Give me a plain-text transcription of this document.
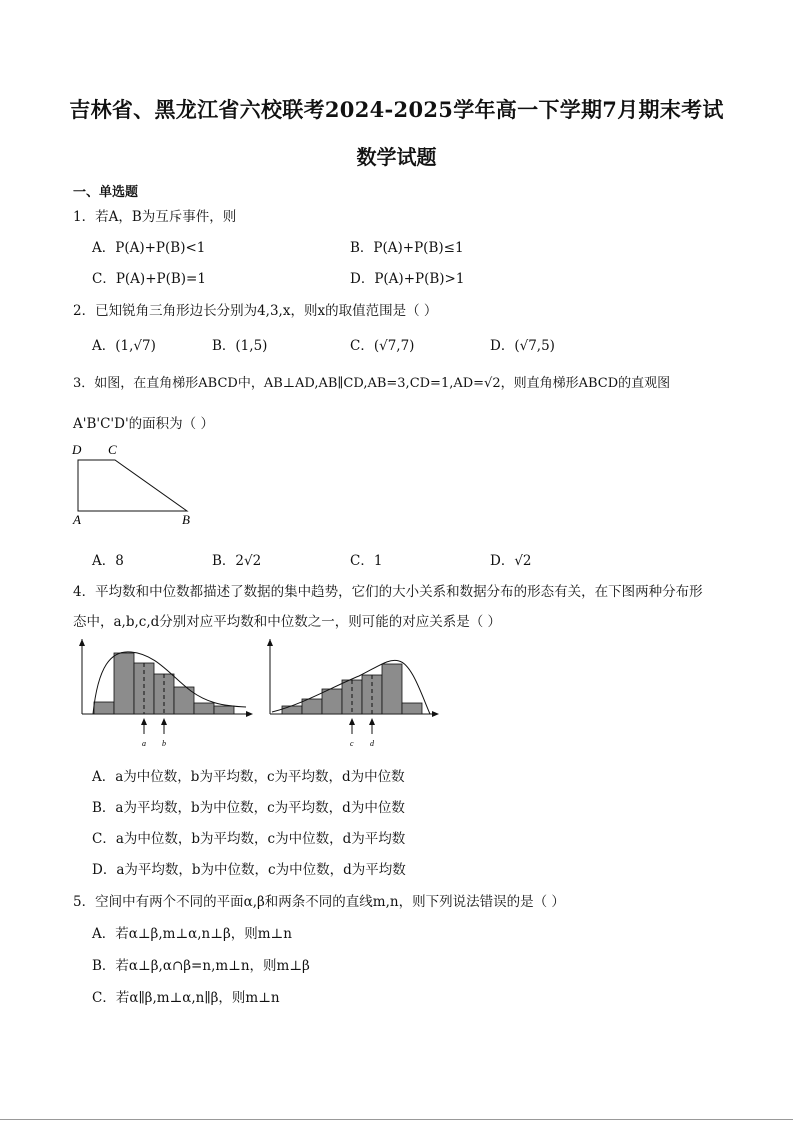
吉林省、黑龙江省六校联考2024-2025学年高一下学期7月期末考试
数学试题
一、单选题
1．若A，B为互斥事件，则
A．P(A)+P(B)<1	B．P(A)+P(B)≤1
C．P(A)+P(B)=1	D．P(A)+P(B)>1
2．已知锐角三角形边长分别为4,3,x，则x的取值范围是（ ）
A．(1,√7)	B．(1,5)	C．(√7,7)	D．(√7,5)
3．如图，在直角梯形ABCD中，AB⊥AD,AB∥CD,AB=3,CD=1,AD=√2，则直角梯形ABCD的直观图
A'B'C'D'的面积为（ ）
D C
A	B
A．8	B．2√2	C．1	D．√2
4．平均数和中位数都描述了数据的集中趋势，它们的大小关系和数据分布的形态有关，在下图两种分布形
态中，a,b,c,d分别对应平均数和中位数之一，则可能的对应关系是（ ）
a b	c d
A．a为中位数，b为平均数，c为平均数，d为中位数
B．a为平均数，b为中位数，c为平均数，d为中位数
C．a为中位数，b为平均数，c为中位数，d为平均数
D．a为平均数，b为中位数，c为中位数，d为平均数
5．空间中有两个不同的平面α,β和两条不同的直线m,n，则下列说法错误的是（ ）
A．若α⊥β,m⊥α,n⊥β，则m⊥n
B．若α⊥β,α∩β=n,m⊥n，则m⊥β
C．若α∥β,m⊥α,n∥β，则m⊥n
